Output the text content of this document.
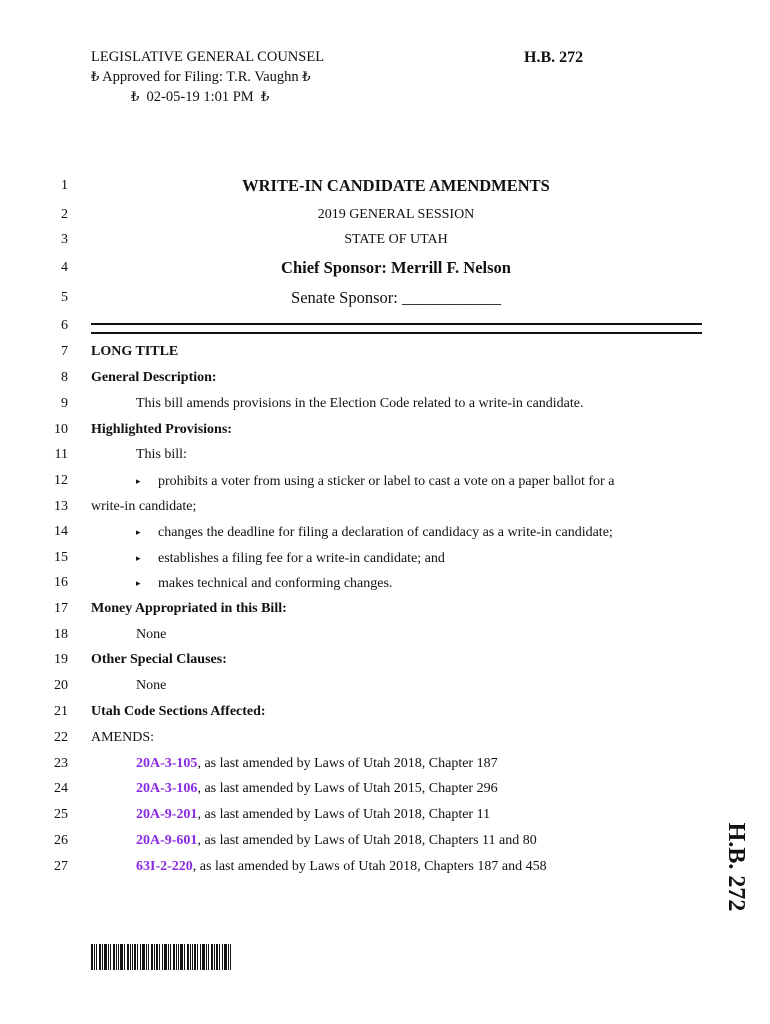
LEGISLATIVE GENERAL COUNSEL
₺ Approved for Filing: T.R. Vaughn ₺
₺ 02-05-19 1:01 PM ₺
H.B. 272
1	WRITE-IN CANDIDATE AMENDMENTS
2	2019 GENERAL SESSION
3	STATE OF UTAH
4	Chief Sponsor: Merrill F. Nelson
5	Senate Sponsor: ____________
6
7 LONG TITLE
8 General Description:
9	This bill amends provisions in the Election Code related to a write-in candidate.
10 Highlighted Provisions:
11	This bill:
12	▸ prohibits a voter from using a sticker or label to cast a vote on a paper ballot for a
13 write-in candidate;
14	▸ changes the deadline for filing a declaration of candidacy as a write-in candidate;
15	▸ establishes a filing fee for a write-in candidate; and
16	▸ makes technical and conforming changes.
17 Money Appropriated in this Bill:
18	None
19 Other Special Clauses:
20	None
21 Utah Code Sections Affected:
22 AMENDS:
23	20A-3-105, as last amended by Laws of Utah 2018, Chapter 187
24	20A-3-106, as last amended by Laws of Utah 2015, Chapter 296
25	20A-9-201, as last amended by Laws of Utah 2018, Chapter 11
26	20A-9-601, as last amended by Laws of Utah 2018, Chapters 11 and 80
27	63I-2-220, as last amended by Laws of Utah 2018, Chapters 187 and 458	H.B. 272
